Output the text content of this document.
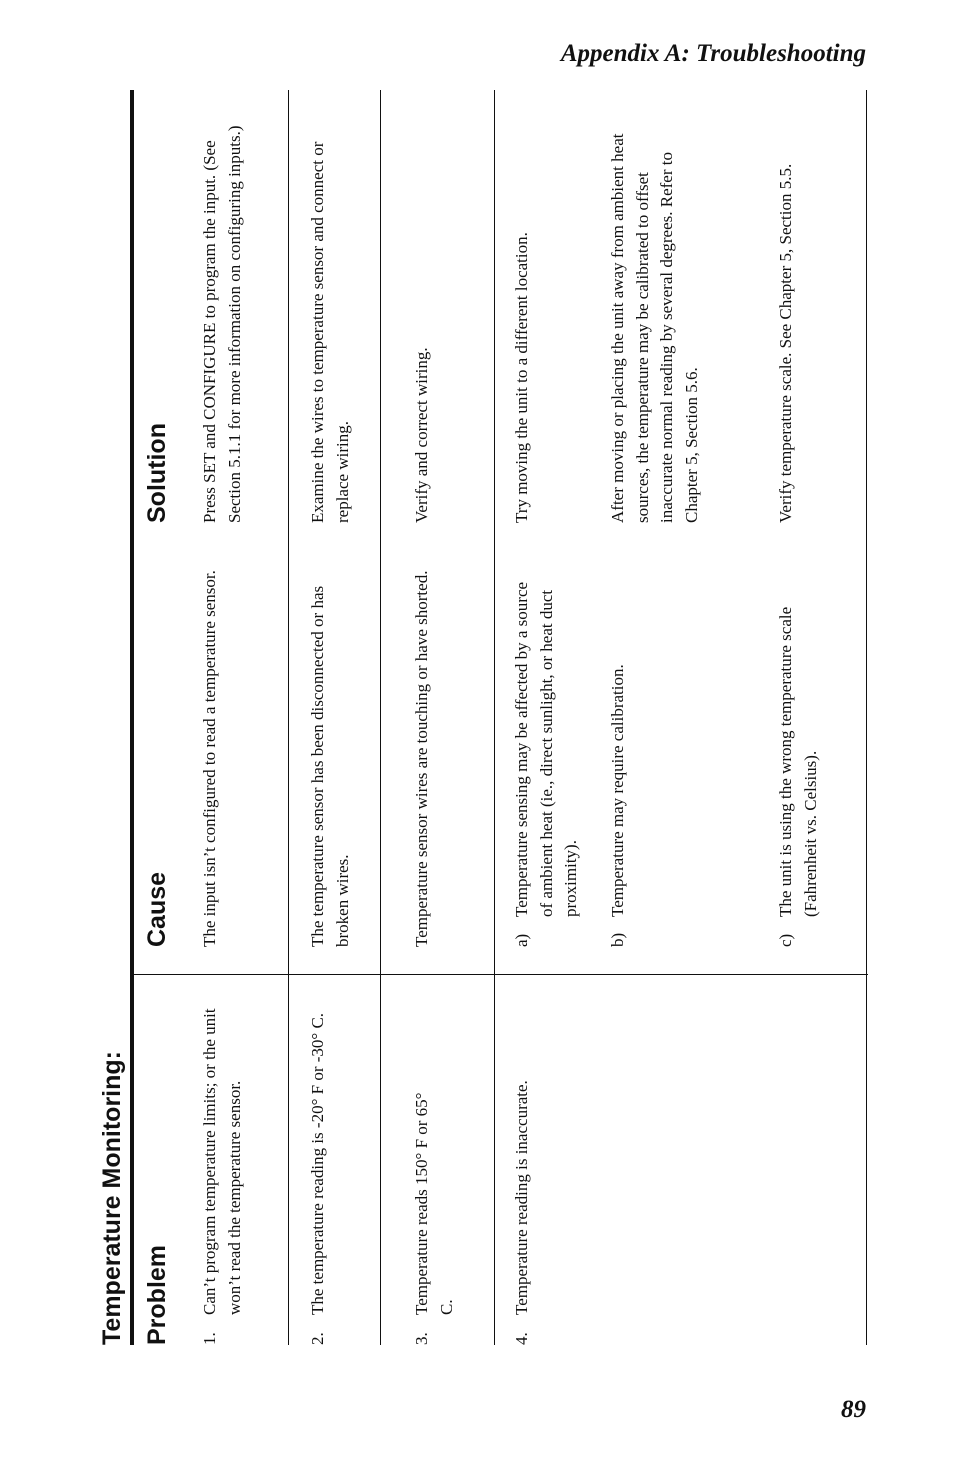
Appendix A: Troubleshooting
Temperature Monitoring: Problem
Cause
Solution
1.
Can’t program temperature limits; or the unit won’t read the temperature sensor.
The input isn’t configured to read a temperature sensor.
Press SET and CONFIGURE to program the input. (See Section 5.1.1 for more information on configuring inputs.)
2.
The temperature reading is -20° F or -30° C.
The temperature sensor has been disconnected or has broken wires.
Examine the wires to temperature sensor and connect or replace wiring.
3.
Temperature reads 150° F or 65° C.
Temperature sensor wires are touching or have shorted.
Verify and correct wiring.
4.
Temperature reading is inaccurate.
a)
Temperature sensing may be affected by a source of ambient heat (ie., direct sunlight, or heat duct proximity).
Try moving the unit to a different location.
b)
Temperature may require calibration.
After moving or placing the unit away from ambient heat sources, the temperature may be calibrated to offset inaccurate normal reading by several degrees. Refer to Chapter 5, Section 5.6.
c)
The unit is using the wrong temperature scale (Fahrenheit vs. Celsius).
Verify temperature scale. See Chapter 5, Section 5.5.
89
